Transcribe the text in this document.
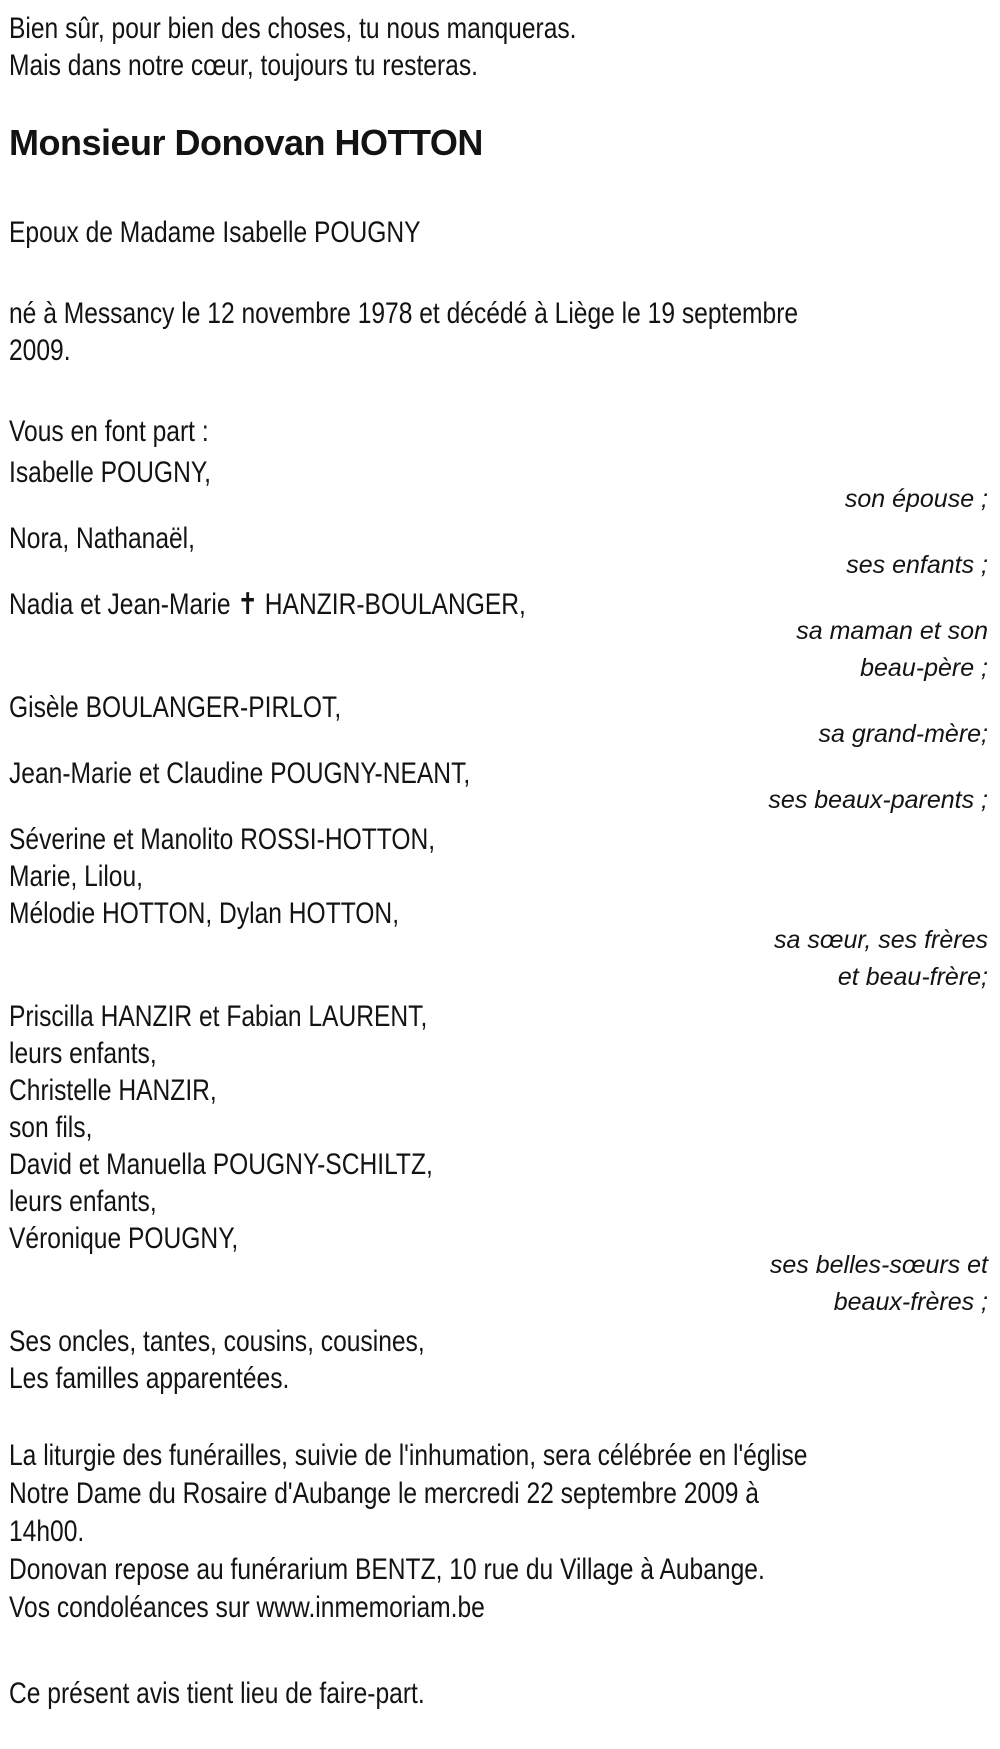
Bien sûr, pour bien des choses, tu nous manqueras.
Mais dans notre cœur, toujours tu resteras.

Monsieur Donovan HOTTON

Epoux de Madame Isabelle POUGNY

né à Messancy le 12 novembre 1978 et décédé à Liège le 19 septembre
2009.

Vous en font part :

Isabelle POUGNY,

son épouse ;

Nora, Nathanaël,

ses enfants ;

Nadia et Jean-Marie ✝ HANZIR-BOULANGER,

sa maman et son
beau-père ;

Gisèle BOULANGER-PIRLOT,

sa grand-mère;

Jean-Marie et Claudine POUGNY-NEANT,

ses beaux-parents ;

Séverine et Manolito ROSSI-HOTTON,
Marie, Lilou,
Mélodie HOTTON, Dylan HOTTON,

sa sœur, ses frères
et beau-frère;

Priscilla HANZIR et Fabian LAURENT,
leurs enfants,
Christelle HANZIR,
son fils,
David et Manuella POUGNY-SCHILTZ,
leurs enfants,
Véronique POUGNY,

ses belles-sœurs et
beaux-frères ;

Ses oncles, tantes, cousins, cousines,
Les familles apparentées.

La liturgie des funérailles, suivie de l'inhumation, sera célébrée en l'église
Notre Dame du Rosaire d'Aubange le mercredi 22 septembre 2009 à
14h00.
Donovan repose au funérarium BENTZ, 10 rue du Village à Aubange.
Vos condoléances sur www.inmemoriam.be

Ce présent avis tient lieu de faire-part.
